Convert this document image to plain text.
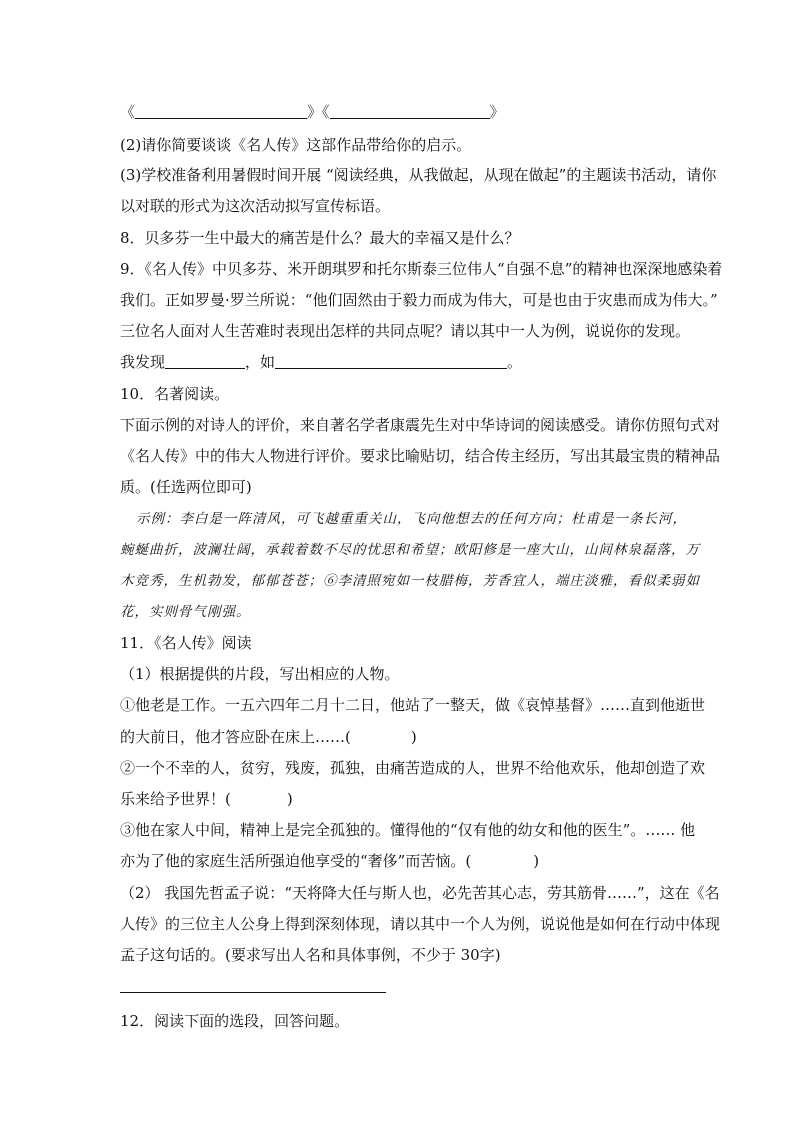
《	》《	》
(2)请你简要谈谈《名人传》这部作品带给你的启示。
(3)学校准备利用暑假时间开展 “阅读经典，从我做起，从现在做起”的主题读书活动，请你
以对联的形式为这次活动拟写宣传标语。
8．贝多芬一生中最大的痛苦是什么？最大的幸福又是什么？
9．《名人传》中贝多芬、米开朗琪罗和托尔斯泰三位伟人“自强不息”的精神也深深地感染着
我们。正如罗曼·罗兰所说：“他们固然由于毅力而成为伟大，可是也由于灾患而成为伟大。”
三位名人面对人生苦难时表现出怎样的共同点呢？请以其中一人为例，说说你的发现。
我发现	，如	。
10．名著阅读。
下面示例的对诗人的评价，来自著名学者康震先生对中华诗词的阅读感受。请你仿照句式对
《名人传》中的伟大人物进行评价。要求比喻贴切，结合传主经历，写出其最宝贵的精神品
质。(任选两位即可)
示例：李白是一阵清风，可飞越重重关山，飞向他想去的任何方向；杜甫是一条长河，
蜿蜒曲折，波澜壮阔，承载着数不尽的忧思和希望；欧阳修是一座大山，山间林泉磊落，万
木竞秀，生机勃发，郁郁苍苍；⑥李清照宛如一枝腊梅，芳香宜人，端庄淡雅，看似柔弱如
花，实则骨气刚强。
11．《名人传》阅读
（1）根据提供的片段，写出相应的人物。
①他老是工作。一五六四年二月十二日，他站了一整天，做《哀悼基督》……直到他逝世
的大前日，他才答应卧在床上……(	)
②一个不幸的人，贫穷，残废，孤独，由痛苦造成的人，世界不给他欢乐，他却创造了欢
乐来给予世界！(	)
③他在家人中间，精神上是完全孤独的。懂得他的“仅有他的幼女和他的医生”。…… 他
亦为了他的家庭生活所强迫他享受的“奢侈”而苦恼。(	)
（2） 我国先哲孟子说：“天将降大任与斯人也，必先苦其心志，劳其筋骨……”，这在《名
人传》的三位主人公身上得到深刻体现，请以其中一个人为例，说说他是如何在行动中体现
孟子这句话的。(要求写出人名和具体事例，不少于 30字)
12．阅读下面的选段，回答问题。
